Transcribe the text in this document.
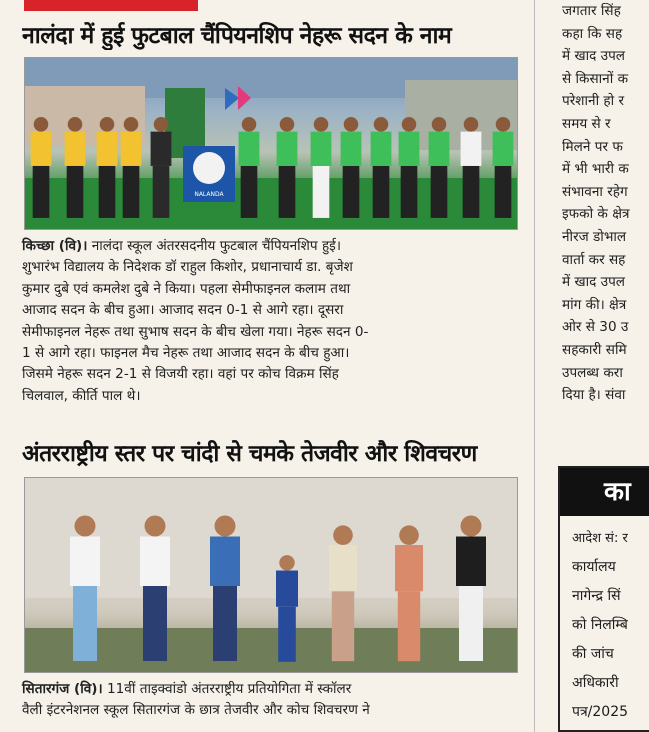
नालंदा में हुई फुटबाल चैंपियनशिप नेहरू सदन के नाम
NALANDA

किच्छा (वि)। नालंदा स्कूल अंतरसदनीय फुटबाल चैंपियनशिप हुई।
शुभारंभ विद्यालय के निदेशक डॉ राहुल किशोर, प्रधानाचार्य डा. बृजेश
कुमार दुबे एवं कमलेश दुबे ने किया। पहला सेमीफाइनल कलाम तथा
आजाद सदन के बीच हुआ। आजाद सदन 0-1 से आगे रहा। दूसरा
सेमीफाइनल नेहरू तथा सुभाष सदन के बीच खेला गया। नेहरू सदन 0-
1 से आगे रहा। फाइनल मैच नेहरू तथा आजाद सदन के बीच हुआ।
जिसमे नेहरू सदन 2-1 से विजयी रहा। वहां पर कोच विक्रम सिंह
चिलवाल, कीर्ति पाल थे।

अंतरराष्ट्रीय स्तर पर चांदी से चमके तेजवीर और शिवचरण

सितारगंज (वि)। 11वीं ताइक्वांडो अंतरराष्ट्रीय प्रतियोगिता में स्कॉलर
वैली इंटरनेशनल स्कूल सितारगंज के छात्र तेजवीर और कोच शिवचरण ने

जगतार सिंह
कहा कि सह
में खाद उपल
से किसानों क
परेशानी हो र
समय से र
मिलने पर फ
में भी भारी क
संभावना रहेग
इफको के क्षेत्र
नीरज डोभाल
वार्ता कर सह
में खाद उपल
मांग की। क्षेत्र
ओर से 30 उ
सहकारी समि
उपलब्ध करा
दिया है। संवा

का

आदेश सं: र
कार्यालय
नागेन्द्र सिं
को निलम्बि
की जांच
अधिकारी
पत्र/2025
